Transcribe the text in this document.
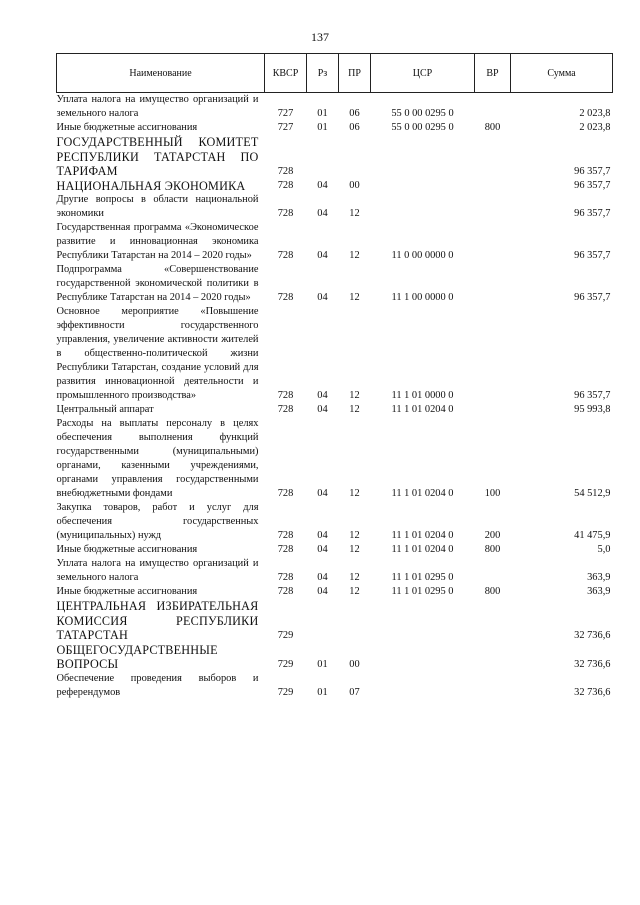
137
Наименование	КВСР	Рз	ПР	ЦСР	ВР	Сумма
Уплата налога на имущество организаций и земельного налога	727	01	06	55 0 00 0295 0		2 023,8
Иные бюджетные ассигнования	727	01	06	55 0 00 0295 0	800	2 023,8
ГОСУДАРСТВЕННЫЙ КОМИТЕТ РЕСПУБЛИКИ ТАТАРСТАН ПО ТАРИФАМ	728					96 357,7
НАЦИОНАЛЬНАЯ ЭКОНОМИКА	728	04	00			96 357,7
Другие вопросы в области национальной экономики	728	04	12			96 357,7
Государственная программа «Экономическое развитие и инновационная экономика Республики Татарстан на 2014 – 2020 годы»	728	04	12	11 0 00 0000 0		96 357,7
Подпрограмма «Совершенствование государственной экономической политики в Республике Татарстан на 2014 – 2020 годы»	728	04	12	11 1 00 0000 0		96 357,7
Основное мероприятие «Повышение эффективности государственного управления, увеличение активности жителей в общественно-политической жизни Республики Татарстан, создание условий для развития инновационной деятельности и промышленного производства»	728	04	12	11 1 01 0000 0		96 357,7
Центральный аппарат	728	04	12	11 1 01 0204 0		95 993,8
Расходы на выплаты персоналу в целях обеспечения выполнения функций государственными (муниципальными) органами, казенными учреждениями, органами управления государственными внебюджетными фондами	728	04	12	11 1 01 0204 0	100	54 512,9
Закупка товаров, работ и услуг для обеспечения государственных (муниципальных) нужд	728	04	12	11 1 01 0204 0	200	41 475,9
Иные бюджетные ассигнования	728	04	12	11 1 01 0204 0	800	5,0
Уплата налога на имущество организаций и земельного налога	728	04	12	11 1 01 0295 0		363,9
Иные бюджетные ассигнования	728	04	12	11 1 01 0295 0	800	363,9
ЦЕНТРАЛЬНАЯ ИЗБИРАТЕЛЬНАЯ КОМИССИЯ РЕСПУБЛИКИ ТАТАРСТАН	729					32 736,6
ОБЩЕГОСУДАРСТВЕННЫЕ ВОПРОСЫ	729	01	00			32 736,6
Обеспечение проведения выборов и референдумов	729	01	07			32 736,6
